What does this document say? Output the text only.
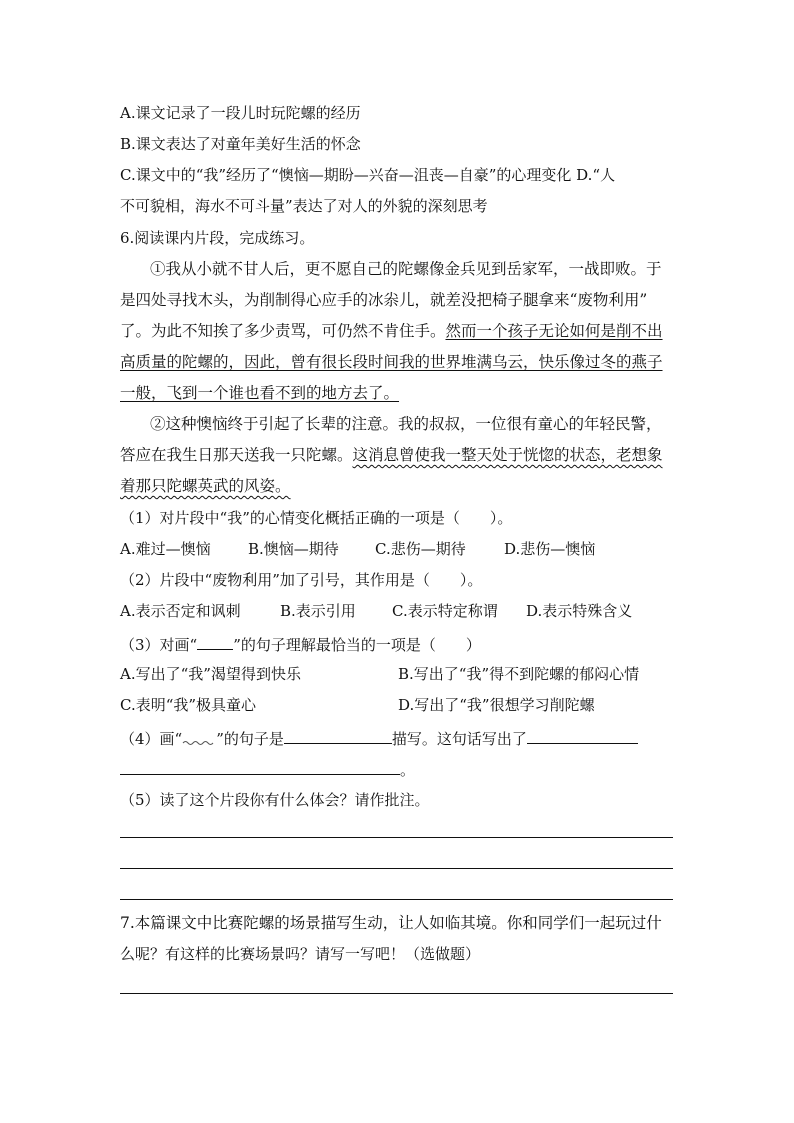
A.课文记录了一段儿时玩陀螺的经历
B.课文表达了对童年美好生活的怀念
C.课文中的“我”经历了“懊恼—期盼—兴奋—沮丧—自豪”的心理变化 D.“人
不可貌相，海水不可斗量”表达了对人的外貌的深刻思考
6.阅读课内片段，完成练习。
①我从小就不甘人后，更不愿自己的陀螺像金兵见到岳家军，一战即败。于
是四处寻找木头，为削制得心应手的冰尜儿，就差没把椅子腿拿来“废物利用”
了。为此不知挨了多少责骂，可仍然不肯住手。然而一个孩子无论如何是削不出
高质量的陀螺的，因此，曾有很长段时间我的世界堆满乌云，快乐像过冬的燕子
一般，飞到一个谁也看不到的地方去了。
②这种懊恼终于引起了长辈的注意。我的叔叔，一位很有童心的年轻民警，
答应在我生日那天送我一只陀螺。这消息曾使我一整天处于恍惚的状态，老想象
着那只陀螺英武的风姿。
（1）对片段中“我”的心情变化概括正确的一项是（　　）。
A.难过—懊恼 B.懊恼—期待 C.悲伤—期待	D.悲伤—懊恼
（2）片段中“废物利用”加了引号，其作用是（　　）。
A.表示否定和讽刺	B.表示引用 C.表示特定称谓 D.表示特殊含义
（3）对画“ ”的句子理解最恰当的一项是（　　）
A.写出了“我”渴望得到快乐	B.写出了“我”得不到陀螺的郁闷心情
C.表明“我”极具童心	D.写出了“我”很想学习削陀螺
（4）画“ ”的句子是	描写。这句话写出了
。
（5）读了这个片段你有什么体会？请作批注。
7.本篇课文中比赛陀螺的场景描写生动，让人如临其境。你和同学们一起玩过什
么呢？有这样的比赛场景吗？请写一写吧！（选做题）
